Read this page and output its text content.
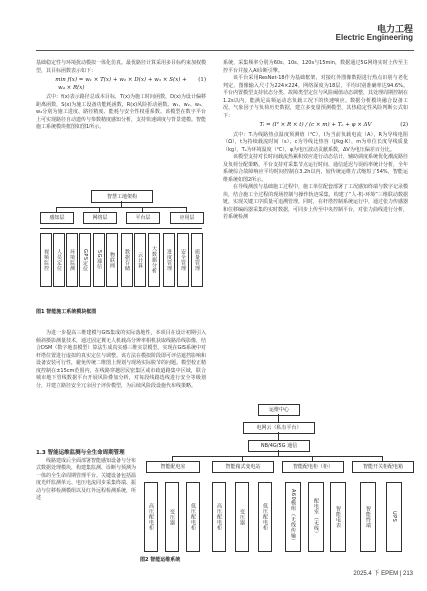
电力工程
Electric Engineering

基础稳定性与环境扰动模拟一体化仿真。最优路径计算采用多目标约束加权模型，其目标函数表示如下：

min f(x) = w₁ × T(x) + w₂ × D(x) + w₃ × S(x) +
w₄ × R(x)
(1)

式中：f(x)表示路径总成本目标，T(x)为施工时间函数，D(x)为设计偏移距离函数，S(x)为施工设备功能耗函数，R(x)风险折动函数。w₁、w₂、w₃、w₄分别为施工进度、路径精度、能耗与安全性权重系数。该模型在数字平台上可实现路径自动遗传与参数精度感知分析，支持快速调度与背景建模。智能施工系统模块框图如图1所示。

智慧工地架构
感知层	网络层	平台层	应用层
视频监控	人员定位	环境监测	GPS定位	5G通信	物联网	数据存储	云计算	大数据分析	进度管理	安全管理	质量管理
图1 智能施工系统模块框图

为进一步提高三维建模与GIS集成的实际落地性，本项目在设计初期引入倾斜摄影测量技术，通过固定翼无人机载高分辨率相机获取线路沿线影像，结合DSM（数字地表模型）算法生成真实感三维实景模型。实现在GIS系统中对杆塔位置进行虚拟的真实定位与调整。该方法在模拟阶段即可评估遮挡影响和设备安装可行性，避免传统二维图上规划与现场实际脱节的问题。模型校正精度控制在±15cm范围内，在线路穿越居民密集区或市政道路集中区域，联合城市地下管线数据平台开展风险叠加分析，对每段线路选线进行安全等级划分，并建立路径安全冗余因子评价模型，为后续风险段设施代布线策略。

1.3 智能运维监测与全生命周期管理

线路建成后全面部署智能感知设备与分布式数据处理模块，构建集监测、诊断与预测为一体的全生命周期管理平台。关键设备包括温度光纤监测单元、电压电流同步采集终端、振动与位移检测模组以及红外远程检测系统，所述

系统，采集频率分别为60s、10s、120s与15min，数据通过5G网络实时上传至主控平台并接入AI诊断引擎。

该平台采用ResNet-18作为基础框架，对接红外图像数据进行热点识别与老化判定，图像输入尺寸为224×224，网络深度为18层，平均识别准确率达94.6%。平台内置模型支持状态分类、故障类型定位与风险阈值动态调整，其处理周期控制在1.2s以内，能满足高频运动态负载工况下的快速响应。数据分析模块融合设备工况、气象因子与负荷历史数据，建立多变量预测模型，其热稳定性风险判断公式如下：

Tᵢ = (I² × R × t) / (c × m) + Tₐ + φ × ΔV	(2)

式中：Tᵢ为线路热点温度预测值（℃），I为当前负载电流（A），R为导线电阻（Ω），t为持续载流时间（s），c为导线比热容（J/kg·K），m为单位长度导线质量（kg），Tₐ为环境温度（℃），φ为电压波动贡献系数，ΔV为电压偏差百分比。

该模型支持对长时间载流热累积效应进行动态估计，辅助调度系统优化潮流路径及负荷分配策略。平台支持对采集节点运行时间、通信延迟与误码率统计分析，全年系统综合故障响应平均时间控制在3.2h以内，较传统运维方式缩短了54%，智能运维系统如图2所示。

在导线测放与基础施工过程中，施工单位配套部署了工况感知终端与数字记录模块，结合施工全过程的现场控制与操作轨迹采集，构建了“人-机-环境”三维联动数据链，实现关键工序质量可追溯管理。同时，在杆塔控制系统运行中，通过张力传感器和位移编码器采集的实时数据，可同步上传至中央控制平台，对张力曲线进行分析，若系统检测

运维中心
电网云（私有平台）
NB/4G/5G 通信
智能配电室	智能箱式变电站	智能配电柜（柜）	智能开关柜配电箱
高压配电柜	变压器	低压配电柜	高压配电柜	变压器	低压配电柜	A60模组（无线传输）	配电室（无线）	智能电表	智能终端	UPS
图2 智能运维系统
2025.4 下 EPEM | 213
